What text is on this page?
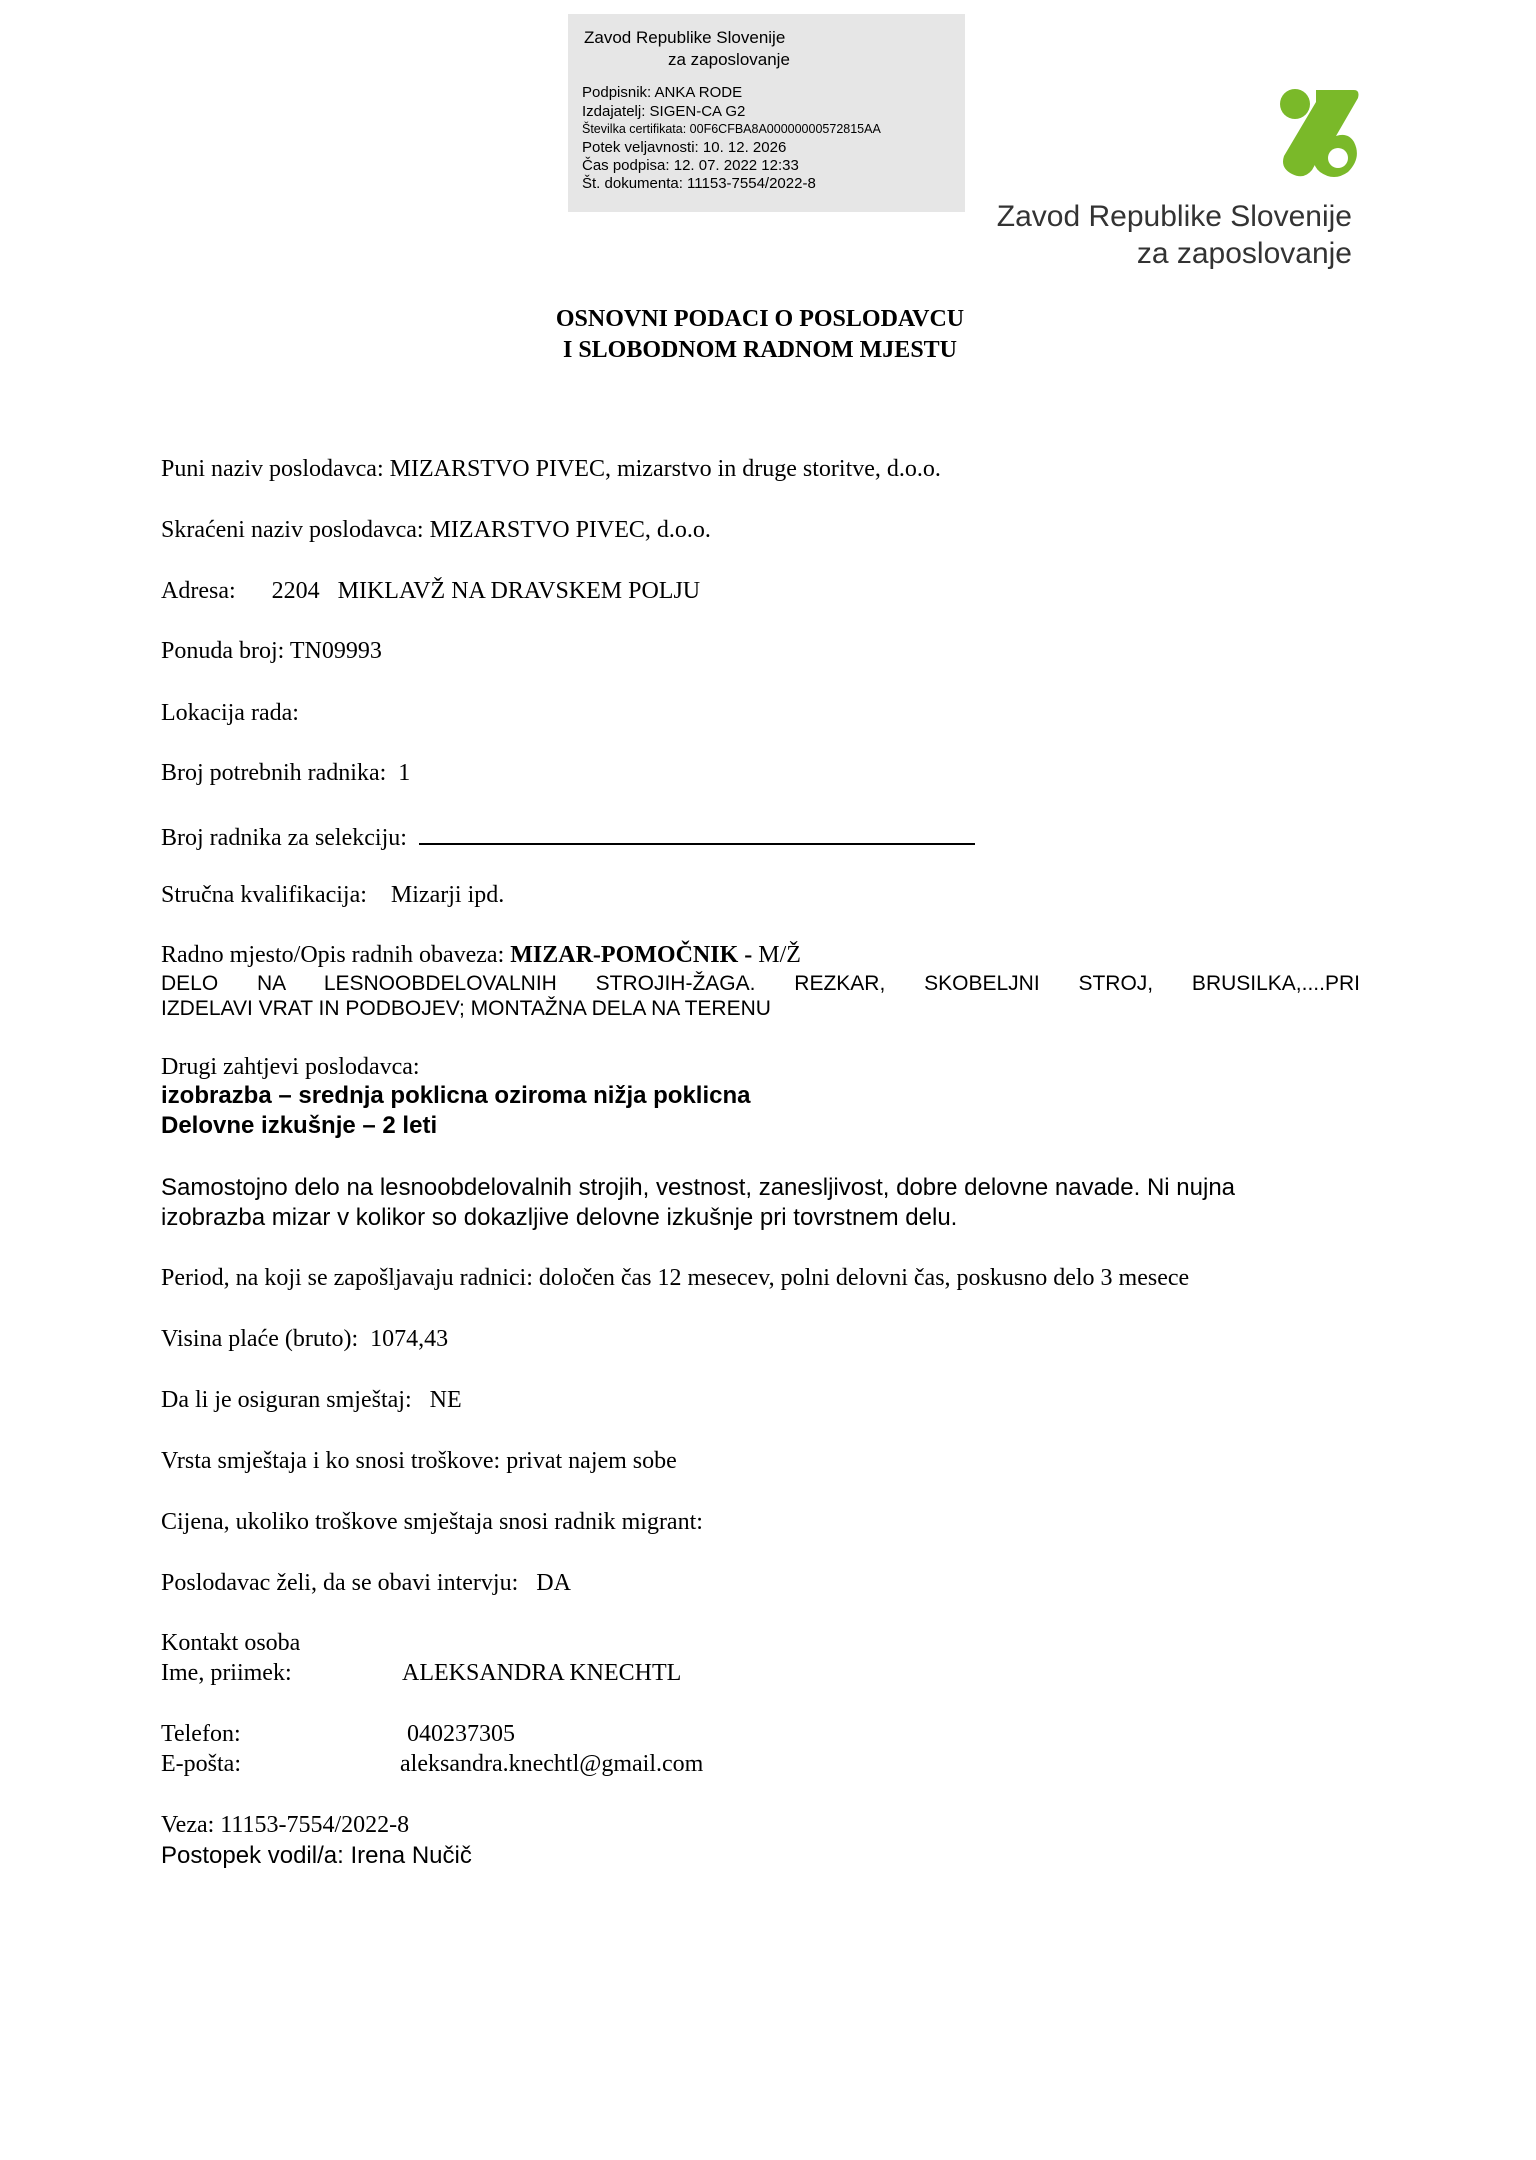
Zavod Republike Slovenije
za zaposlovanje
Podpisnik: ANKA RODE
Izdajatelj: SIGEN-CA G2
Številka certifikata: 00F6CFBA8A00000000572815AA
Potek veljavnosti: 10. 12. 2026
Čas podpisa: 12. 07. 2022 12:33
Št. dokumenta: 11153-7554/2022-8
Zavod Republike Slovenije
za zaposlovanje
OSNOVNI PODACI O POSLODAVCU
I SLOBODNOM RADNOM MJESTU
Puni naziv poslodavca: MIZARSTVO PIVEC, mizarstvo in druge storitve, d.o.o.
Skraćeni naziv poslodavca: MIZARSTVO PIVEC, d.o.o.
Adresa: 2204   MIKLAVŽ NA DRAVSKEM POLJU
Ponuda broj: TN09993
Lokacija rada:
Broj potrebnih radnika:  1
Broj radnika za selekciju:
Stručna kvalifikacija:    Mizarji ipd.
Radno mjesto/Opis radnih obaveza: MIZAR-POMOČNIK - M/Ž
DELO NA LESNOOBDELOVALNIH STROJIH-ŽAGA. REZKAR, SKOBELJNI STROJ, BRUSILKA,....PRI
IZDELAVI VRAT IN PODBOJEV; MONTAŽNA DELA NA TERENU
Drugi zahtjevi poslodavca:
izobrazba – srednja poklicna oziroma nižja poklicna
Delovne izkušnje – 2 leti
Samostojno delo na lesnoobdelovalnih strojih, vestnost, zanesljivost, dobre delovne navade. Ni nujna
izobrazba mizar v kolikor so dokazljive delovne izkušnje pri tovrstnem delu.
Period, na koji se zapošljavaju radnici: določen čas 12 mesecev, polni delovni čas, poskusno delo 3 mesece
Visina plaće (bruto):  1074,43
Da li je osiguran smještaj:   NE
Vrsta smještaja i ko snosi troškove: privat najem sobe
Cijena, ukoliko troškove smještaja snosi radnik migrant:
Poslodavac želi, da se obavi intervju:   DA
Kontakt osoba
Ime, priimek:	ALEKSANDRA KNECHTL
Telefon:	040237305
E-pošta:	aleksandra.knechtl@gmail.com
Veza: 11153-7554/2022-8
Postopek vodil/a: Irena Nučič
